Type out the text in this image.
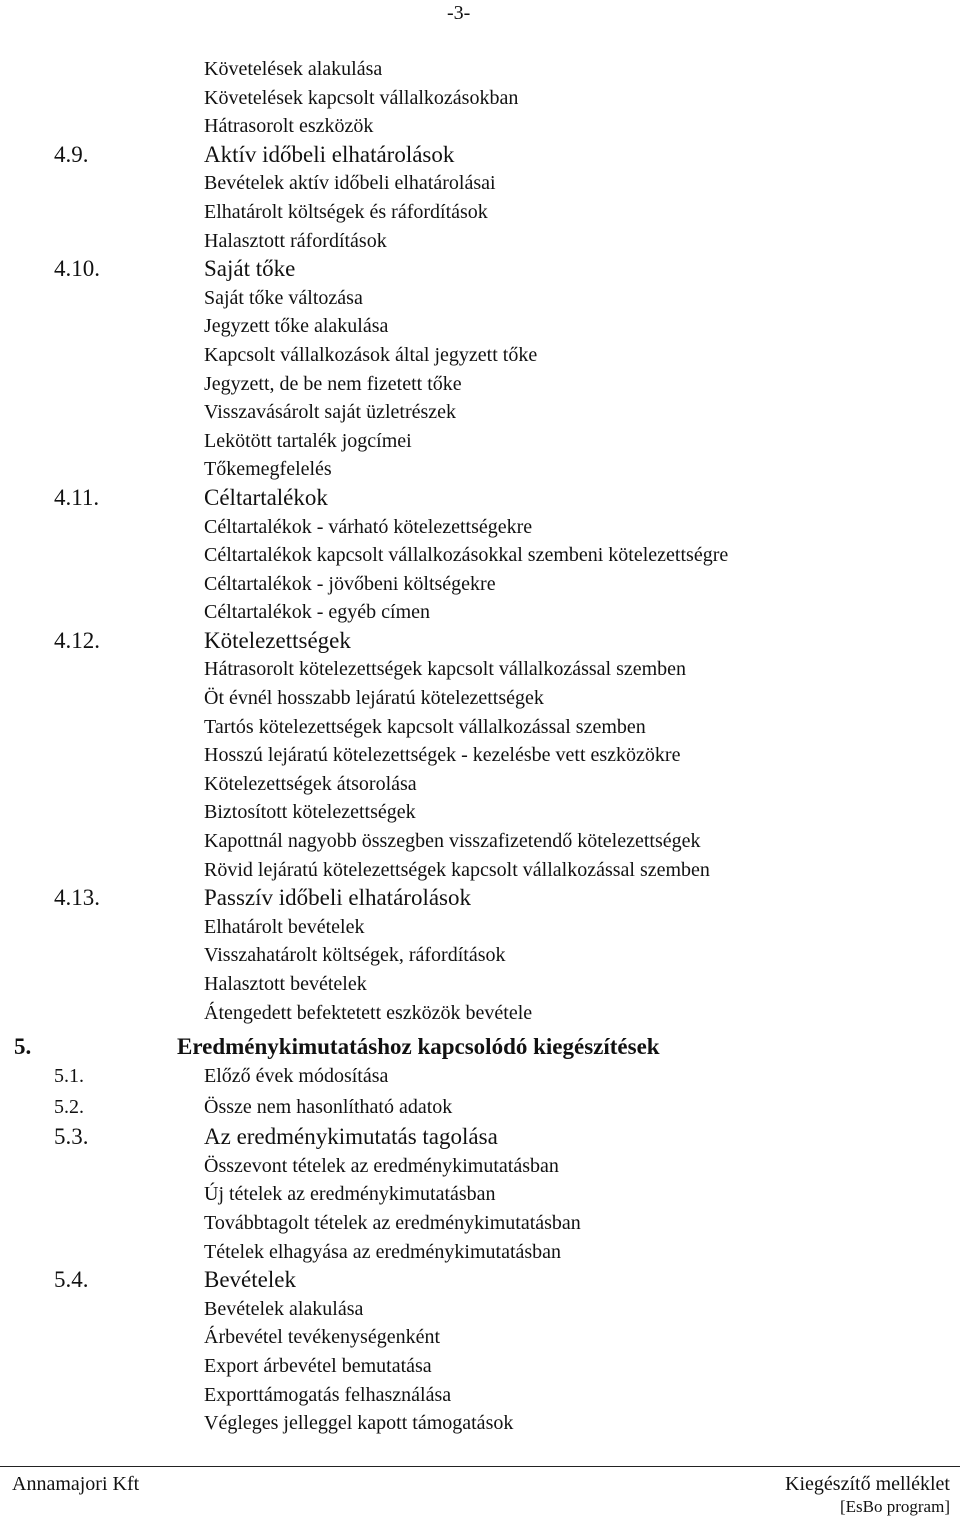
-3-
Követelések alakulása
Követelések kapcsolt vállalkozásokban
Hátrasorolt eszközök
4.9.	Aktív időbeli elhatárolások
Bevételek aktív időbeli elhatárolásai
Elhatárolt költségek és ráfordítások
Halasztott ráfordítások
4.10.	Saját tőke
Saját tőke változása
Jegyzett tőke alakulása
Kapcsolt vállalkozások által jegyzett tőke
Jegyzett, de be nem fizetett tőke
Visszavásárolt saját üzletrészek
Lekötött tartalék jogcímei
Tőkemegfelelés
4.11.	Céltartalékok
Céltartalékok - várható kötelezettségekre
Céltartalékok kapcsolt vállalkozásokkal szembeni kötelezettségre
Céltartalékok - jövőbeni költségekre
Céltartalékok - egyéb címen
4.12.	Kötelezettségek
Hátrasorolt kötelezettségek kapcsolt vállalkozással szemben
Öt évnél hosszabb lejáratú kötelezettségek
Tartós kötelezettségek kapcsolt vállalkozással szemben
Hosszú lejáratú kötelezettségek - kezelésbe vett eszközökre
Kötelezettségek átsorolása
Biztosított kötelezettségek
Kapottnál nagyobb összegben visszafizetendő kötelezettségek
Rövid lejáratú kötelezettségek kapcsolt vállalkozással szemben
4.13.	Passzív időbeli elhatárolások
Elhatárolt bevételek
Visszahatárolt költségek, ráfordítások
Halasztott bevételek
Átengedett befektetett eszközök bevétele
5.	Eredménykimutatáshoz kapcsolódó kiegészítések
5.1.	Előző évek módosítása
5.2.	Össze nem hasonlítható adatok
5.3.	Az eredménykimutatás tagolása
Összevont tételek az eredménykimutatásban
Új tételek az eredménykimutatásban
Továbbtagolt tételek az eredménykimutatásban
Tételek elhagyása az eredménykimutatásban
5.4.	Bevételek
Bevételek alakulása
Árbevétel tevékenységenként
Export árbevétel bemutatása
Exporttámogatás felhasználása
Végleges jelleggel kapott támogatások
Annamajori Kft	Kiegészítő melléklet
[EsBo program]
